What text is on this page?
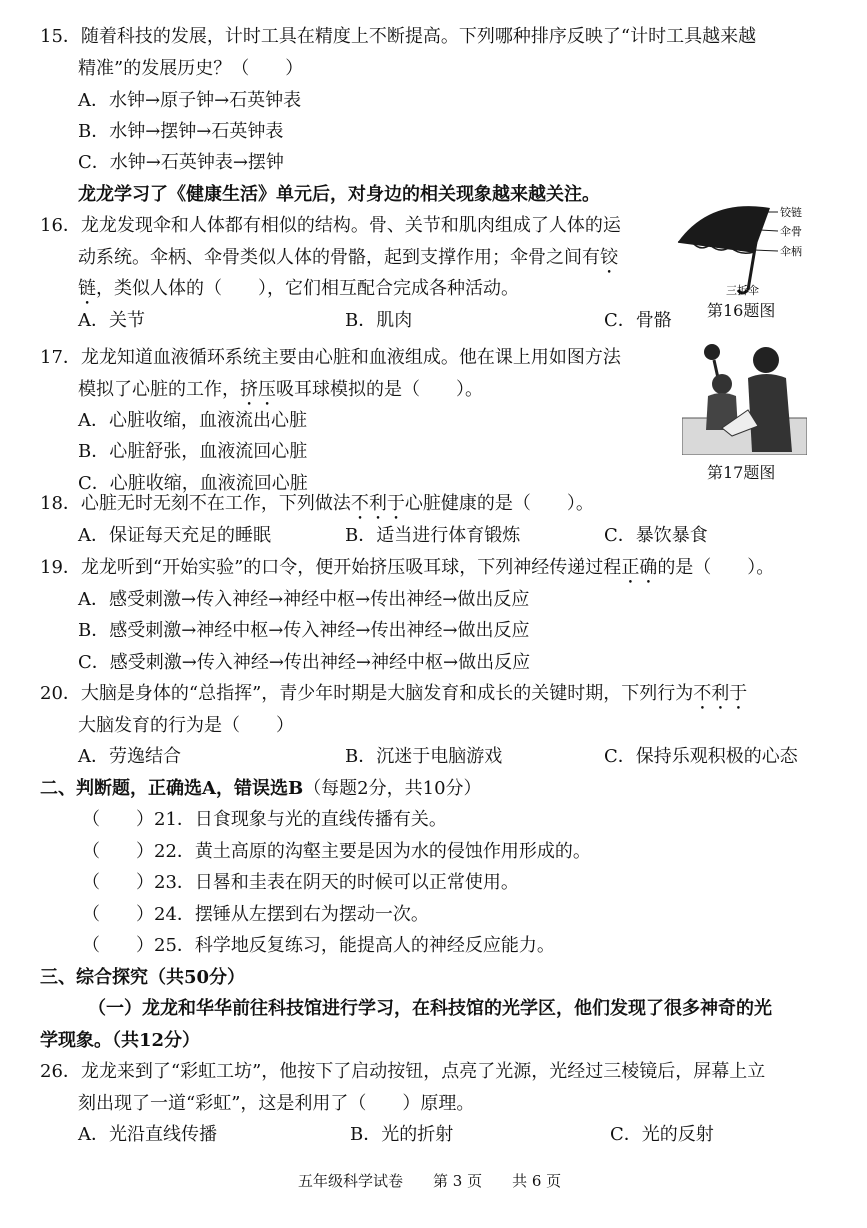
15．随着科技的发展，计时工具在精度上不断提高。下列哪种排序反映了“计时工具越来越
精准”的发展历史？（　　）
A．水钟→原子钟→石英钟表
B．水钟→摆钟→石英钟表
C．水钟→石英钟表→摆钟
龙龙学习了《健康生活》单元后，对身边的相关现象越来越关注。
16．龙龙发现伞和人体都有相似的结构。骨、关节和肌肉组成了人体的运
动系统。伞柄、伞骨类似人体的骨骼，起到支撑作用；伞骨之间有铰
链，类似人体的（　　），它们相互配合完成各种活动。
A．关节	B．肌肉	C．骨骼
铰链
伞骨
伞柄
三折伞
第16题图
17．龙龙知道血液循环系统主要由心脏和血液组成。他在课上用如图方法
模拟了心脏的工作，挤压吸耳球模拟的是（　　）。
A．心脏收缩，血液流出心脏
B．心脏舒张，血液流回心脏
C．心脏收缩，血液流回心脏
第17题图
18．心脏无时无刻不在工作，下列做法不利于心脏健康的是（　　）。
A．保证每天充足的睡眠	B．适当进行体育锻炼	C．暴饮暴食
19．龙龙听到“开始实验”的口令，便开始挤压吸耳球，下列神经传递过程正确的是（　　）。
A．感受刺激→传入神经→神经中枢→传出神经→做出反应
B．感受刺激→神经中枢→传入神经→传出神经→做出反应
C．感受刺激→传入神经→传出神经→神经中枢→做出反应
20．大脑是身体的“总指挥”，青少年时期是大脑发育和成长的关键时期，下列行为不利于
大脑发育的行为是（　　）
A．劳逸结合	B．沉迷于电脑游戏	C．保持乐观积极的心态
二、判断题，正确选A，错误选B（每题2分，共10分）
（　　）21．日食现象与光的直线传播有关。
（　　）22．黄土高原的沟壑主要是因为水的侵蚀作用形成的。
（　　）23．日晷和圭表在阴天的时候可以正常使用。
（　　）24．摆锤从左摆到右为摆动一次。
（　　）25．科学地反复练习，能提高人的神经反应能力。
三、综合探究（共50分）
（一）龙龙和华华前往科技馆进行学习，在科技馆的光学区，他们发现了很多神奇的光
学现象。（共12分）
26．龙龙来到了“彩虹工坊”，他按下了启动按钮，点亮了光源，光经过三棱镜后，屏幕上立
刻出现了一道“彩虹”，这是利用了（　　）原理。
A．光沿直线传播	B．光的折射	C．光的反射
五年级科学试卷　　第 3 页　　共 6 页
